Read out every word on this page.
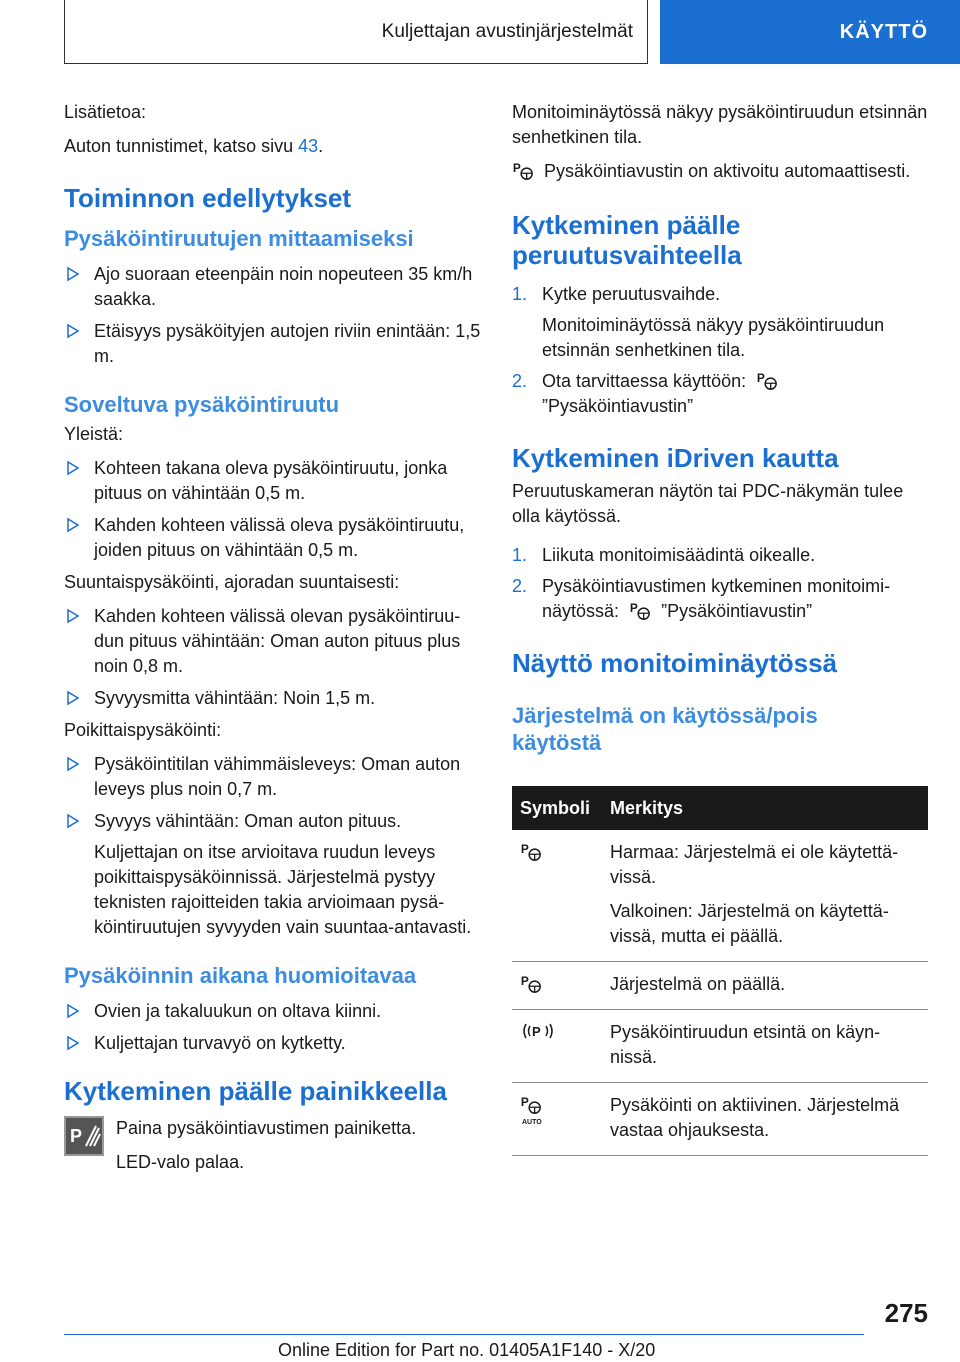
Kuljettajan avustinjärjestelmät	KÄYTTÖ

Lisätietoa:

Auton tunnistimet, katso sivu 43.

Toiminnon edellytykset
Pysäköintiruutujen mittaamiseksi
Ajo suoraan eteenpäin noin nopeuteen 35 km/h saakka.
Etäisyys pysäköityjen autojen riviin enintään: 1,5 m.
Soveltuva pysäköintiruutu

Yleistä:

Kohteen takana oleva pysäköintiruutu, jonka pituus on vähintään 0,5 m.
Kahden kohteen välissä oleva pysäköintiruutu, joiden pituus on vähintään 0,5 m.

Suuntaispysäköinti, ajoradan suuntaisesti:

Kahden kohteen välissä olevan pysäköintiruudun pituus vähintään: Oman auton pituus plus noin 0,8 m.
Syvyysmitta vähintään: Noin 1,5 m.

Poikittaispysäköinti:

Pysäköintitilan vähimmäisleveys: Oman auton leveys plus noin 0,7 m.
Syvyys vähintään: Oman auton pituus.

Kuljettajan on itse arvioitava ruudun leveys poikittaispysäköinnissä. Järjestelmä pystyy teknisten rajoitteiden takia arvioimaan pysäköintiruutujen syvyyden vain suuntaa-antavasti.

Pysäköinnin aikana huomioitavaa
Ovien ja takaluukun on oltava kiinni.
Kuljettajan turvavyö on kytketty.
Kytkeminen päälle painikkeella
P Paina pysäköintiavustimen painiketta.

LED-valo palaa.

Monitoiminäytössä näkyy pysäköintiruudun etsinnän senhetkinen tila.

Pysäköintiavustin on aktivoitu automaattisesti.

Kytkeminen päälle
peruutusvaihteella
1. Kytke peruutusvaihde.

Monitoiminäytössä näkyy pysäköintiruudun etsinnän senhetkinen tila.

2. Ota tarvittaessa käyttöön:
”Pysäköintiavustin”
Kytkeminen iDriven kautta

Peruutuskameran näytön tai PDC-näkymän tulee olla käytössä.

1. Liikuta monitoimisäädintä oikealle.
2. Pysäköintiavustimen kytkeminen monitoiminäytössä: ”Pysäköintiavustin”
Näyttö monitoiminäytössä
Järjestelmä on käytössä/pois
käytöstä
Symboli	Merkitys

Harmaa: Järjestelmä ei ole käytettävissä.

Valkoinen: Järjestelmä on käytettävissä, mutta ei päällä.

	Järjestelmä on päällä.

P	Pysäköintiruudun etsintä on käynnissä.

AUTO	Pysäköinti on aktiivinen. Järjestelmä vastaa ohjauksesta.
275
Online Edition for Part no. 01405A1F140 - X/20
